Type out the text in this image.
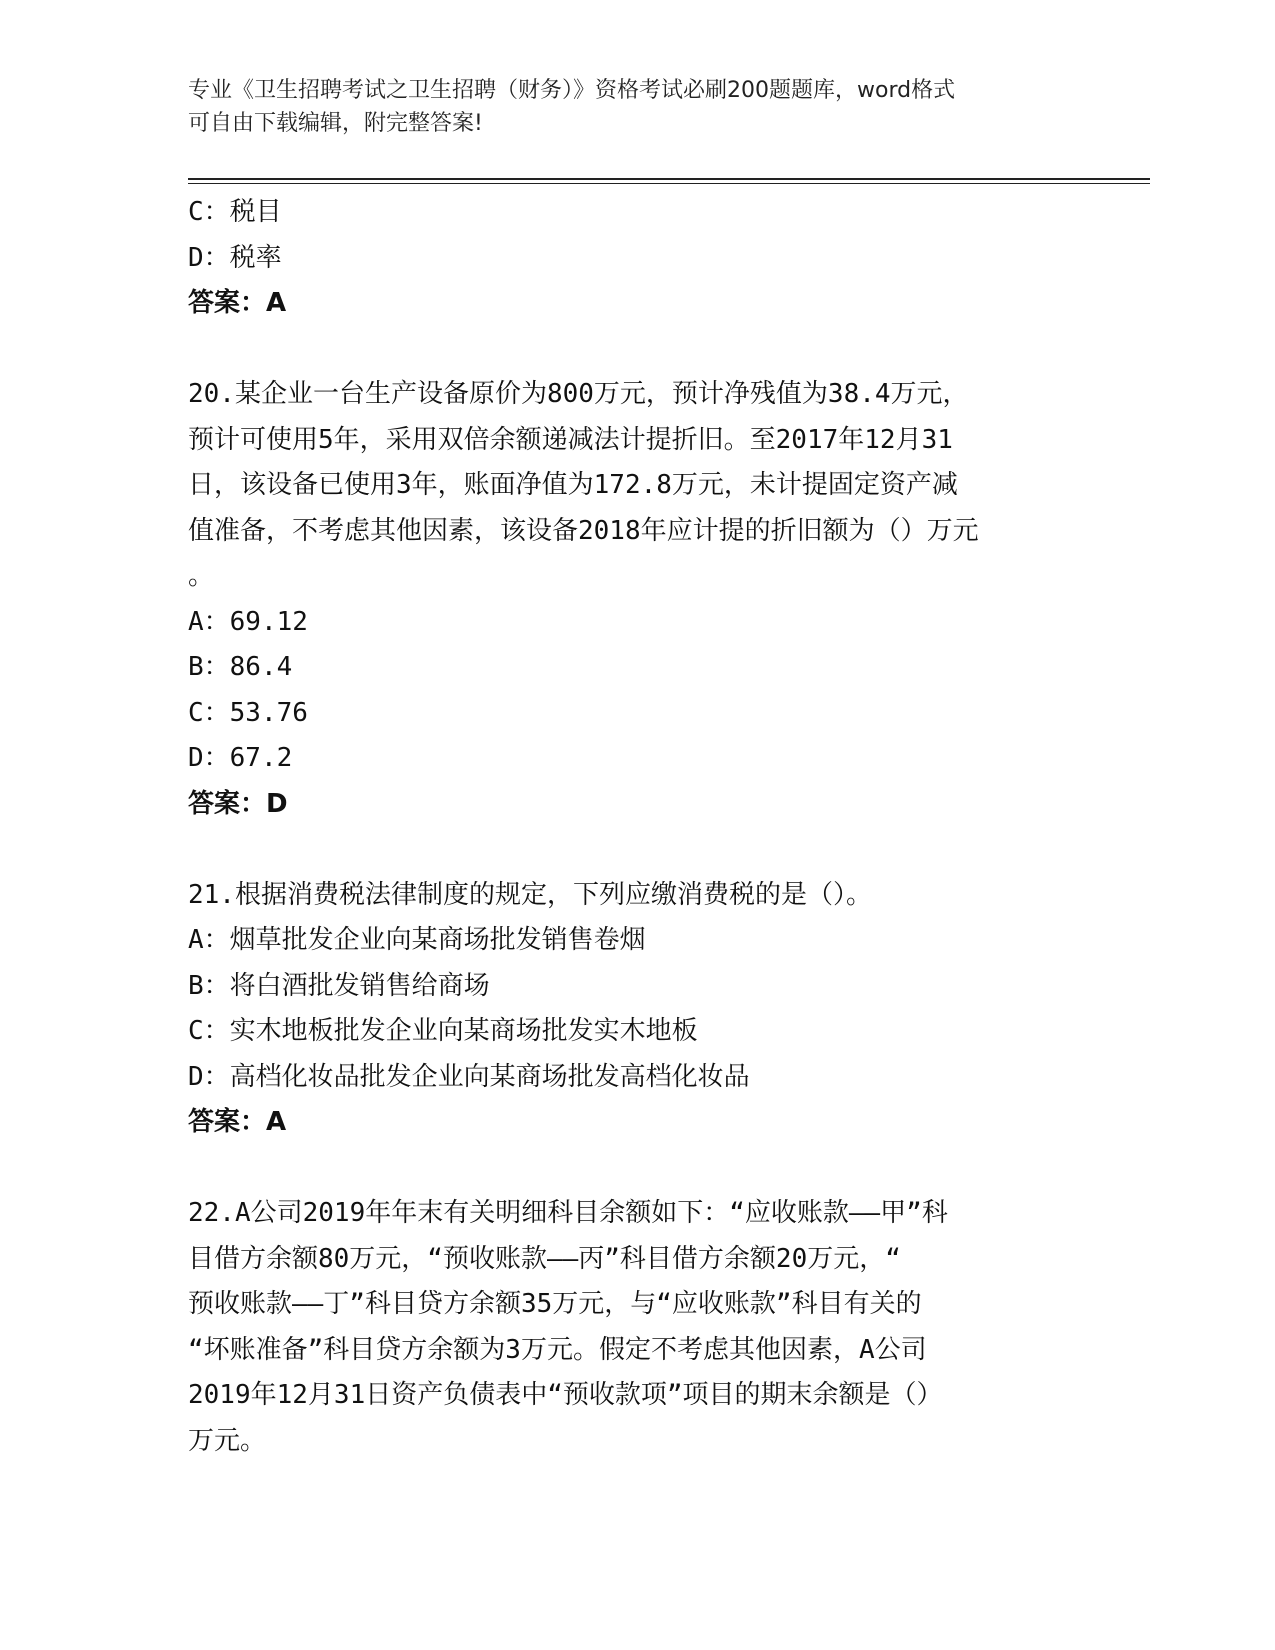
专业《卫生招聘考试之卫生招聘（财务）》资格考试必刷200题题库，word格式
可自由下载编辑，附完整答案!
C：税目
D：税率
答案：A
20.某企业一台生产设备原价为800万元，预计净残值为38.4万元，
预计可使用5年，采用双倍余额递减法计提折旧。至2017年12月31
日，该设备已使用3年，账面净值为172.8万元，未计提固定资产减
值准备，不考虑其他因素，该设备2018年应计提的折旧额为（）万元
。
A：69.12
B：86.4
C：53.76
D：67.2
答案：D
21.根据消费税法律制度的规定，下列应缴消费税的是（）。
A：烟草批发企业向某商场批发销售卷烟
B：将白酒批发销售给商场
C：实木地板批发企业向某商场批发实木地板
D：高档化妆品批发企业向某商场批发高档化妆品
答案：A
22.A公司2019年年末有关明细科目余额如下：“应收账款——甲”科
目借方余额80万元，“预收账款——丙”科目借方余额20万元，“
预收账款——丁”科目贷方余额35万元，与“应收账款”科目有关的
“坏账准备”科目贷方余额为3万元。假定不考虑其他因素，A公司
2019年12月31日资产负债表中“预收款项”项目的期末余额是（）
万元。
